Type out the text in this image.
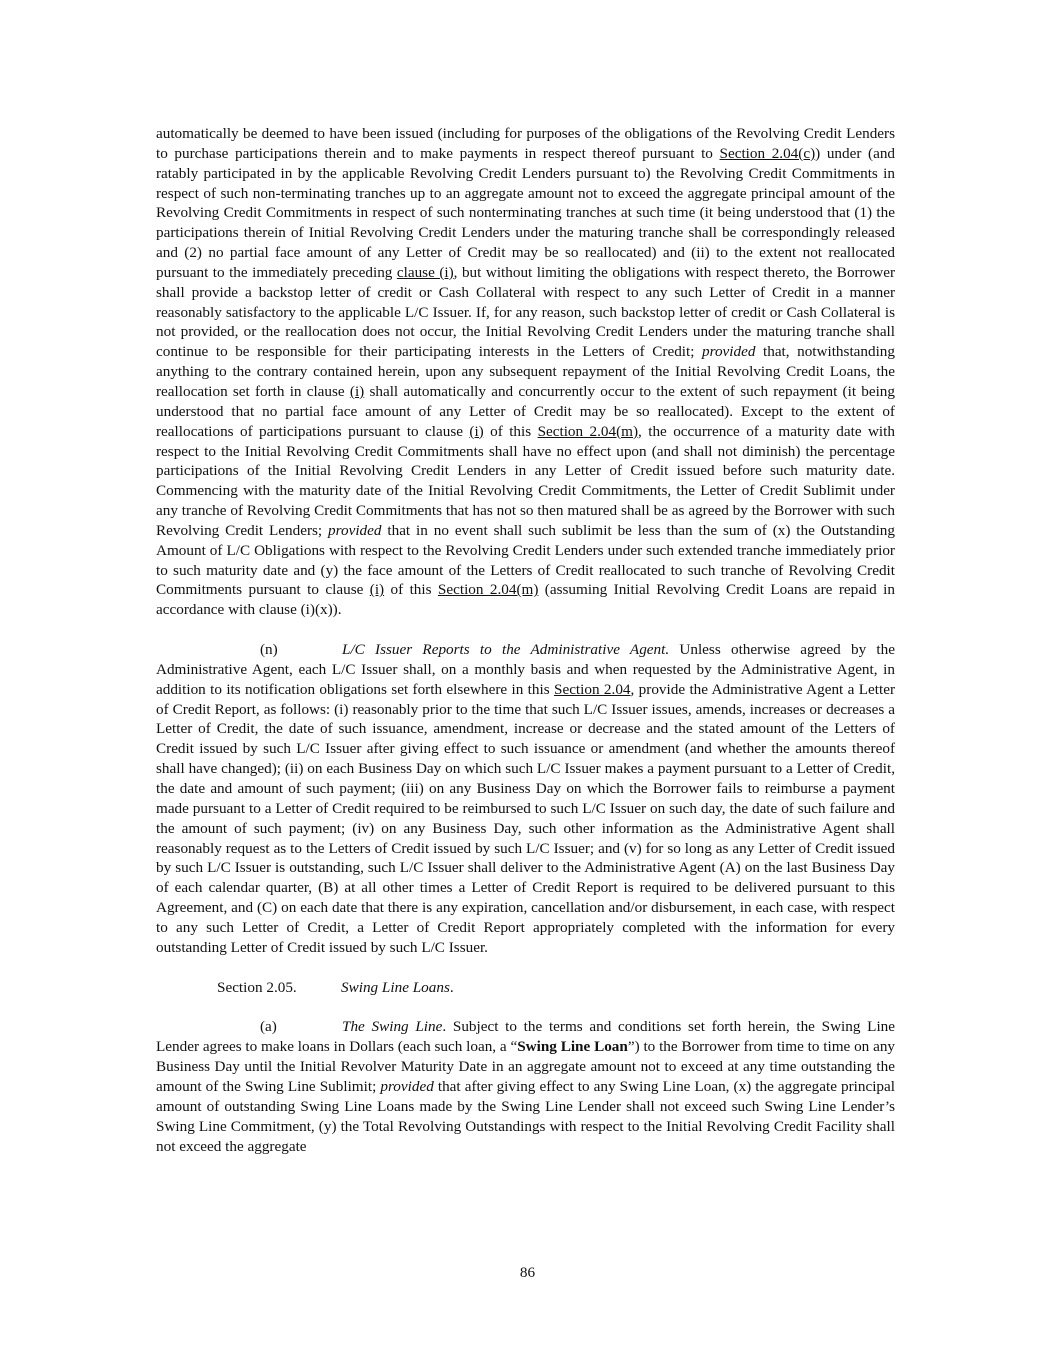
automatically be deemed to have been issued (including for purposes of the obligations of the Revolving Credit Lenders to purchase participations therein and to make payments in respect thereof pursuant to Section 2.04(c)) under (and ratably participated in by the applicable Revolving Credit Lenders pursuant to) the Revolving Credit Commitments in respect of such non-terminating tranches up to an aggregate amount not to exceed the aggregate principal amount of the Revolving Credit Commitments in respect of such nonterminating tranches at such time (it being understood that (1) the participations therein of Initial Revolving Credit Lenders under the maturing tranche shall be correspondingly released and (2) no partial face amount of any Letter of Credit may be so reallocated) and (ii) to the extent not reallocated pursuant to the immediately preceding clause (i), but without limiting the obligations with respect thereto, the Borrower shall provide a backstop letter of credit or Cash Collateral with respect to any such Letter of Credit in a manner reasonably satisfactory to the applicable L/C Issuer. If, for any reason, such backstop letter of credit or Cash Collateral is not provided, or the reallocation does not occur, the Initial Revolving Credit Lenders under the maturing tranche shall continue to be responsible for their participating interests in the Letters of Credit; provided that, notwithstanding anything to the contrary contained herein, upon any subsequent repayment of the Initial Revolving Credit Loans, the reallocation set forth in clause (i) shall automatically and concurrently occur to the extent of such repayment (it being understood that no partial face amount of any Letter of Credit may be so reallocated). Except to the extent of reallocations of participations pursuant to clause (i) of this Section 2.04(m), the occurrence of a maturity date with respect to the Initial Revolving Credit Commitments shall have no effect upon (and shall not diminish) the percentage participations of the Initial Revolving Credit Lenders in any Letter of Credit issued before such maturity date. Commencing with the maturity date of the Initial Revolving Credit Commitments, the Letter of Credit Sublimit under any tranche of Revolving Credit Commitments that has not so then matured shall be as agreed by the Borrower with such Revolving Credit Lenders; provided that in no event shall such sublimit be less than the sum of (x) the Outstanding Amount of L/C Obligations with respect to the Revolving Credit Lenders under such extended tranche immediately prior to such maturity date and (y) the face amount of the Letters of Credit reallocated to such tranche of Revolving Credit Commitments pursuant to clause (i) of this Section 2.04(m) (assuming Initial Revolving Credit Loans are repaid in accordance with clause (i)(x)).

(n)	L/C Issuer Reports to the Administrative Agent. Unless otherwise agreed by the Administrative Agent, each L/C Issuer shall, on a monthly basis and when requested by the Administrative Agent, in addition to its notification obligations set forth elsewhere in this Section 2.04, provide the Administrative Agent a Letter of Credit Report, as follows: (i) reasonably prior to the time that such L/C Issuer issues, amends, increases or decreases a Letter of Credit, the date of such issuance, amendment, increase or decrease and the stated amount of the Letters of Credit issued by such L/C Issuer after giving effect to such issuance or amendment (and whether the amounts thereof shall have changed); (ii) on each Business Day on which such L/C Issuer makes a payment pursuant to a Letter of Credit, the date and amount of such payment; (iii) on any Business Day on which the Borrower fails to reimburse a payment made pursuant to a Letter of Credit required to be reimbursed to such L/C Issuer on such day, the date of such failure and the amount of such payment; (iv) on any Business Day, such other information as the Administrative Agent shall reasonably request as to the Letters of Credit issued by such L/C Issuer; and (v) for so long as any Letter of Credit issued by such L/C Issuer is outstanding, such L/C Issuer shall deliver to the Administrative Agent (A) on the last Business Day of each calendar quarter, (B) at all other times a Letter of Credit Report is required to be delivered pursuant to this Agreement, and (C) on each date that there is any expiration, cancellation and/or disbursement, in each case, with respect to any such Letter of Credit, a Letter of Credit Report appropriately completed with the information for every outstanding Letter of Credit issued by such L/C Issuer.

Section 2.05.	Swing Line Loans.

(a)	The Swing Line. Subject to the terms and conditions set forth herein, the Swing Line Lender agrees to make loans in Dollars (each such loan, a “Swing Line Loan”) to the Borrower from time to time on any Business Day until the Initial Revolver Maturity Date in an aggregate amount not to exceed at any time outstanding the amount of the Swing Line Sublimit; provided that after giving effect to any Swing Line Loan, (x) the aggregate principal amount of outstanding Swing Line Loans made by the Swing Line Lender shall not exceed such Swing Line Lender’s Swing Line Commitment, (y) the Total Revolving Outstandings with respect to the Initial Revolving Credit Facility shall not exceed the aggregate

86
